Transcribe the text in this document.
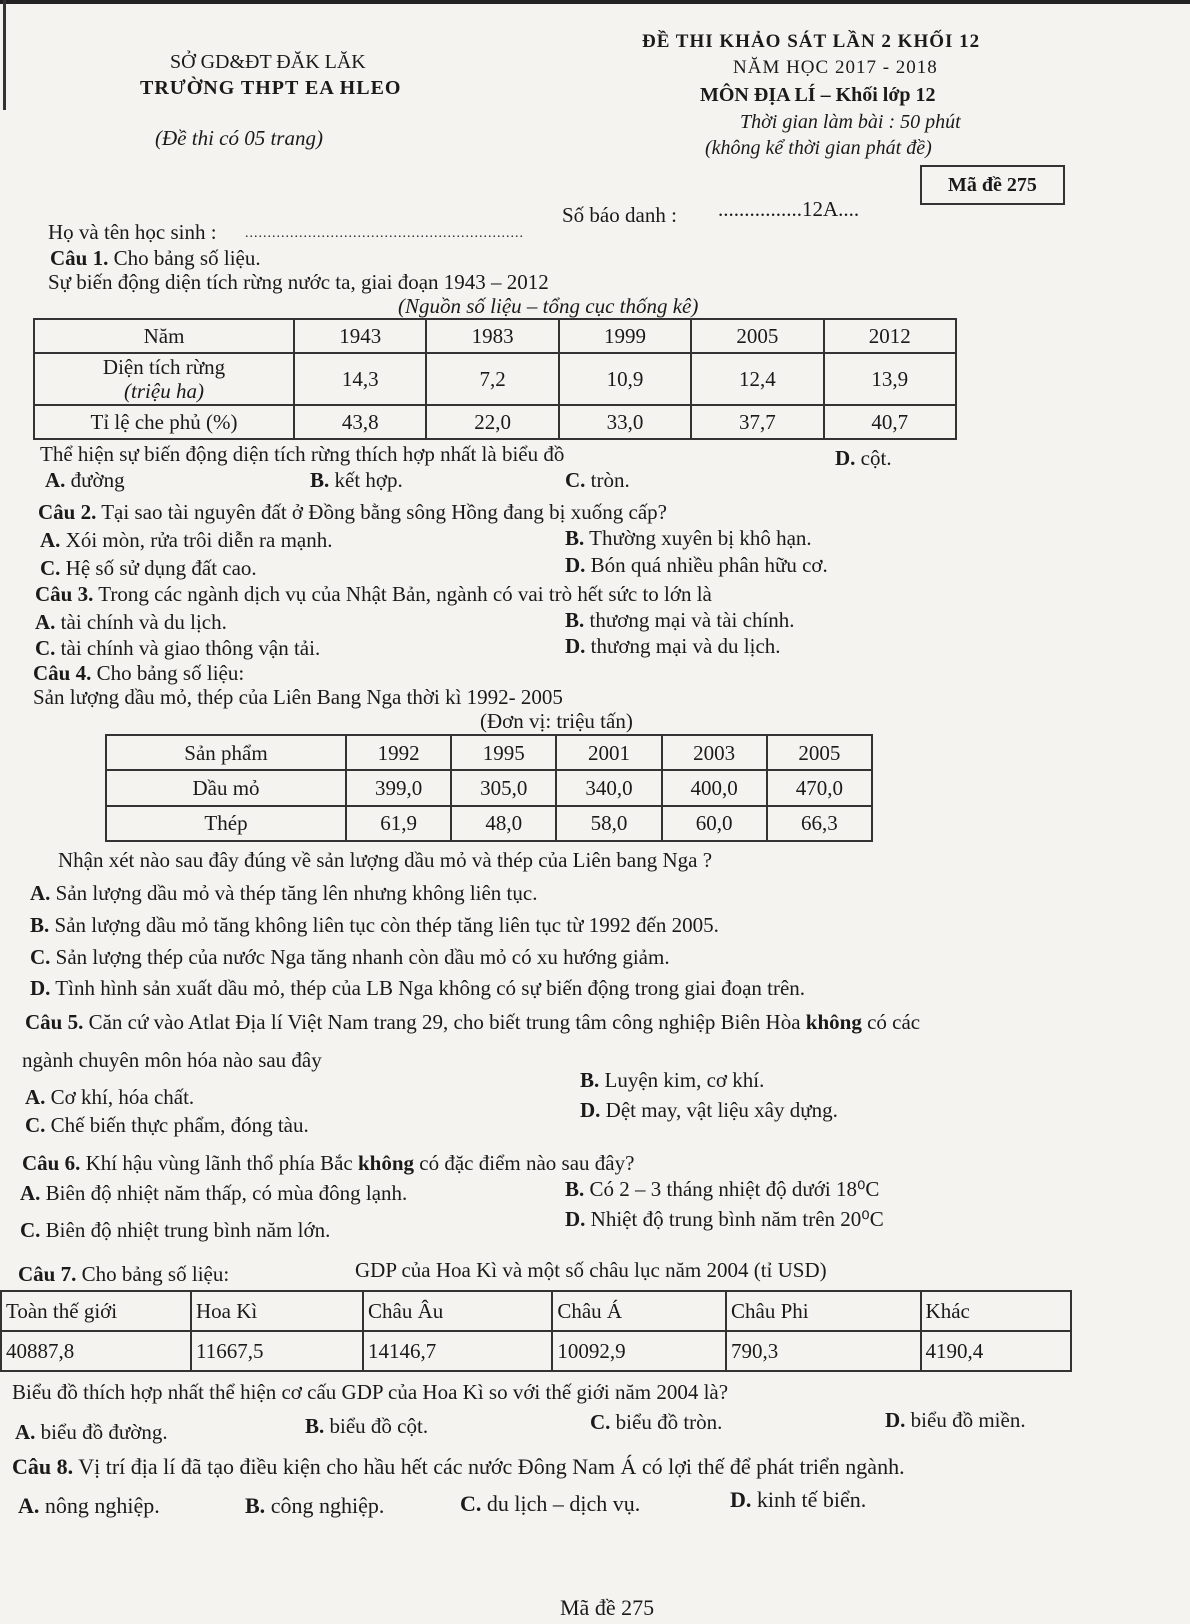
SỞ GD&ĐT ĐĂK LĂK
TRƯỜNG THPT EA HLEO
(Đề thi có 05 trang)
ĐỀ THI KHẢO SÁT LẦN 2 KHỐI 12
NĂM HỌC 2017 - 2018
MÔN ĐỊA LÍ – Khối lớp 12
Thời gian làm bài : 50 phút
(không kể thời gian phát đề)
Mã đề 275
Họ và tên học sinh : ..............................................................
Số báo danh : ................12A....
Câu 1. Cho bảng số liệu.
Sự biến động diện tích rừng nước ta, giai đoạn 1943 – 2012
(Nguồn số liệu – tổng cục thống kê)
Năm	1943	1983	1999	2005	2012

Diện tích rừng
(triệu ha)	14,3	7,2	10,9	12,4	13,9
Tỉ lệ che phủ (%)	43,8	22,0	33,0	37,7	40,7
Thể hiện sự biến động diện tích rừng thích hợp nhất là biểu đồ
A. đường	B. kết hợp.	C. tròn.
D. cột.
Câu 2. Tại sao tài nguyên đất ở Đồng bằng sông Hồng đang bị xuống cấp?
A. Xói mòn, rửa trôi diễn ra mạnh.	B. Thường xuyên bị khô hạn.
C. Hệ số sử dụng đất cao.	D. Bón quá nhiều phân hữu cơ.
Câu 3. Trong các ngành dịch vụ của Nhật Bản, ngành có vai trò hết sức to lớn là
A. tài chính và du lịch.	B. thương mại và tài chính.
C. tài chính và giao thông vận tải.	D. thương mại và du lịch.
Câu 4. Cho bảng số liệu:
Sản lượng dầu mỏ, thép của Liên Bang Nga thời kì 1992- 2005
(Đơn vị: triệu tấn)
Sản phẩm	1992	1995	2001	2003	2005
Dầu mỏ	399,0	305,0	340,0	400,0	470,0
Thép	61,9	48,0	58,0	60,0	66,3
Nhận xét nào sau đây đúng về sản lượng dầu mỏ và thép của Liên bang Nga ?
A. Sản lượng dầu mỏ và thép tăng lên nhưng không liên tục.
B. Sản lượng dầu mỏ tăng không liên tục còn thép tăng liên tục từ 1992 đến 2005.
C. Sản lượng thép của nước Nga tăng nhanh còn dầu mỏ có xu hướng giảm.
D. Tình hình sản xuất dầu mỏ, thép của LB Nga không có sự biến động trong giai đoạn trên.
Câu 5. Căn cứ vào Atlat Địa lí Việt Nam trang 29, cho biết trung tâm công nghiệp Biên Hòa không có các
ngành chuyên môn hóa nào sau đây
A. Cơ khí, hóa chất.
B. Luyện kim, cơ khí.
C. Chế biến thực phẩm, đóng tàu.
D. Dệt may, vật liệu xây dựng.
Câu 6. Khí hậu vùng lãnh thổ phía Bắc không có đặc điểm nào sau đây?
A. Biên độ nhiệt năm thấp, có mùa đông lạnh.	B. Có 2 – 3 tháng nhiệt độ dưới 18⁰C
C. Biên độ nhiệt trung bình năm lớn.	D. Nhiệt độ trung bình năm trên 20⁰C
Câu 7. Cho bảng số liệu:	GDP của Hoa Kì và một số châu lục năm 2004 (tỉ USD)
Toàn thế giới	Hoa Kì	Châu Âu	Châu Á	Châu Phi	Khác
40887,8	11667,5	14146,7	10092,9	790,3	4190,4
Biểu đồ thích hợp nhất thể hiện cơ cấu GDP của Hoa Kì so với thế giới năm 2004 là?
A. biểu đồ đường.	B. biểu đồ cột.	C. biểu đồ tròn.	D. biểu đồ miền.
Câu 8. Vị trí địa lí đã tạo điều kiện cho hầu hết các nước Đông Nam Á có lợi thế để phát triển ngành.
A. nông nghiệp.	B. công nghiệp.	C. du lịch – dịch vụ.	D. kinh tế biển.
Mã đề 275
